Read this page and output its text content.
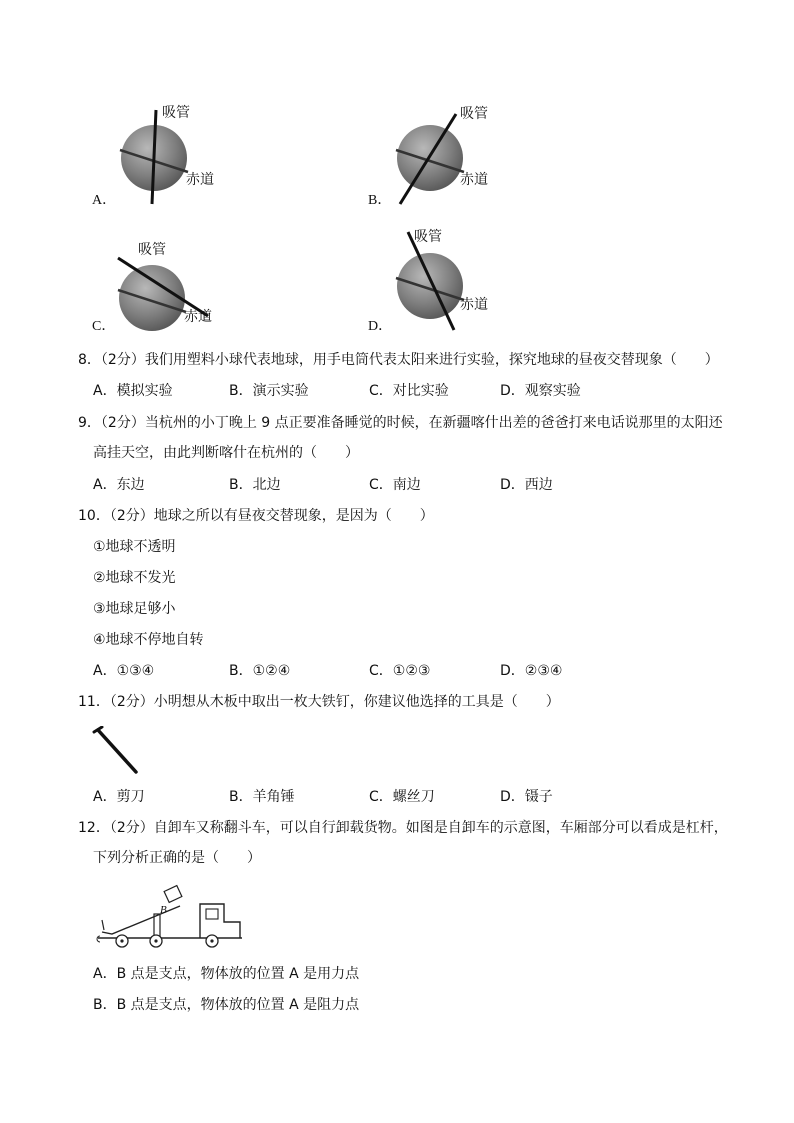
吸管
赤道
A．
吸管
赤道
B．
吸管
赤道
C．
吸管
赤道
D．
8．（2分）我们用塑料小球代表地球，用手电筒代表太阳来进行实验，探究地球的昼夜交替现象（　　）
A．模拟实验	B．演示实验	C．对比实验	D．观察实验
9．（2分）当杭州的小丁晚上 9 点正要准备睡觉的时候，在新疆喀什出差的爸爸打来电话说那里的太阳还
高挂天空，由此判断喀什在杭州的（　　）
A．东边	B．北边	C．南边	D．西边
10．（2分）地球之所以有昼夜交替现象，是因为（　　）
①地球不透明
②地球不发光
③地球足够小
④地球不停地自转
A．①③④	B．①②④	C．①②③	D．②③④
11．（2分）小明想从木板中取出一枚大铁钉，你建议他选择的工具是（　　）
A．剪刀	B．羊角锤	C．螺丝刀	D．镊子
12．（2分）自卸车又称翻斗车，可以自行卸载货物。如图是自卸车的示意图，车厢部分可以看成是杠杆，
下列分析正确的是（　　）
B
A．B 点是支点，物体放的位置 A 是用力点
B．B 点是支点，物体放的位置 A 是阻力点
